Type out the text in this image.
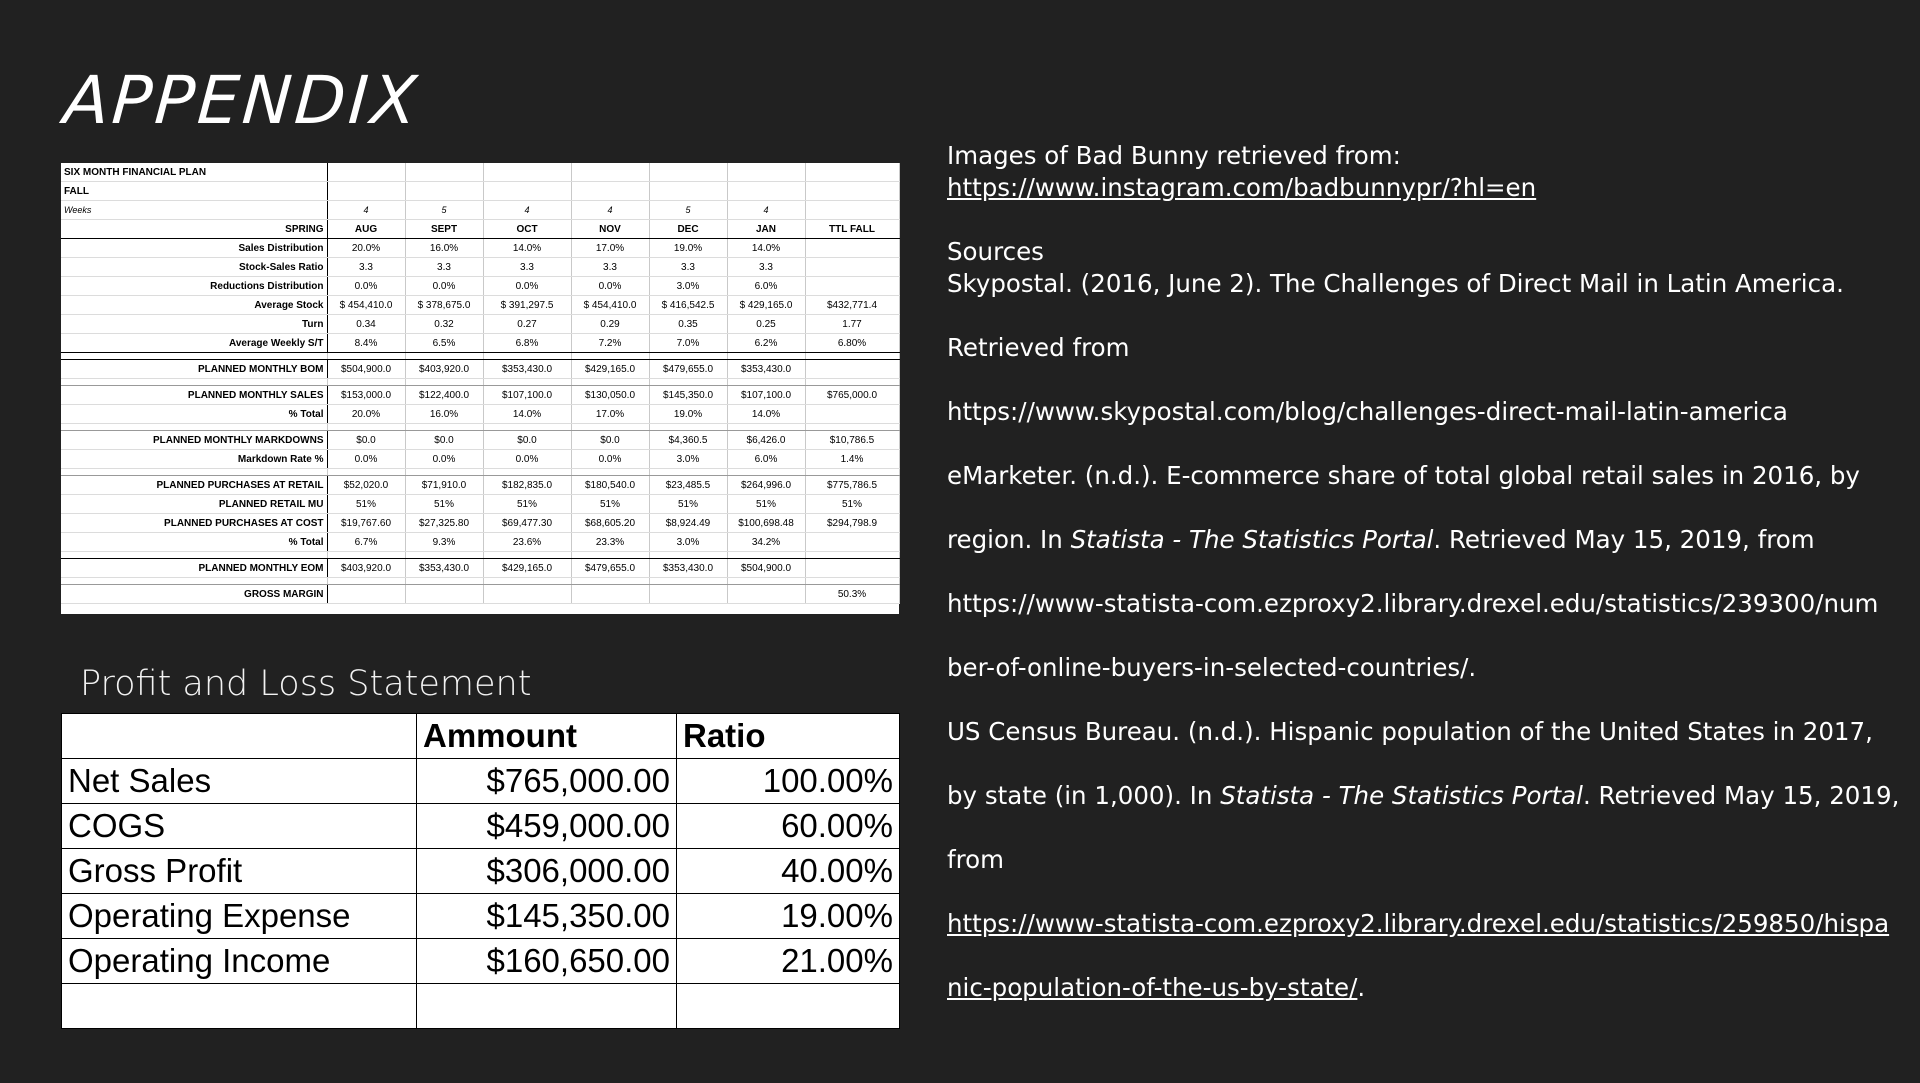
APPENDIX
SIX MONTH FINANCIAL PLAN							
FALL							
Weeks	4	5	4	4	5	4	
SPRING	AUG	SEPT	OCT	NOV	DEC	JAN	TTL FALL
Sales Distribution	20.0%	16.0%	14.0%	17.0%	19.0%	14.0%	
Stock-Sales Ratio	3.3	3.3	3.3	3.3	3.3	3.3	
Reductions Distribution	0.0%	0.0%	0.0%	0.0%	3.0%	6.0%	
Average Stock	$ 454,410.0	$ 378,675.0	$ 391,297.5	$ 454,410.0	$ 416,542.5	$ 429,165.0	$432,771.4
Turn	0.34	0.32	0.27	0.29	0.35	0.25	1.77
Average Weekly S/T	8.4%	6.5%	6.8%	7.2%	7.0%	6.2%	6.80%

PLANNED MONTHLY BOM	$504,900.0	$403,920.0	$353,430.0	$429,165.0	$479,655.0	$353,430.0	

PLANNED MONTHLY SALES	$153,000.0	$122,400.0	$107,100.0	$130,050.0	$145,350.0	$107,100.0	$765,000.0
% Total	20.0%	16.0%	14.0%	17.0%	19.0%	14.0%	

PLANNED MONTHLY MARKDOWNS	$0.0	$0.0	$0.0	$0.0	$4,360.5	$6,426.0	$10,786.5
Markdown Rate %	0.0%	0.0%	0.0%	0.0%	3.0%	6.0%	1.4%

PLANNED PURCHASES AT RETAIL	$52,020.0	$71,910.0	$182,835.0	$180,540.0	$23,485.5	$264,996.0	$775,786.5
PLANNED RETAIL MU	51%	51%	51%	51%	51%	51%	51%
PLANNED PURCHASES AT COST	$19,767.60	$27,325.80	$69,477.30	$68,605.20	$8,924.49	$100,698.48	$294,798.9
% Total	6.7%	9.3%	23.6%	23.3%	3.0%	34.2%	

PLANNED MONTHLY EOM	$403,920.0	$353,430.0	$429,165.0	$479,655.0	$353,430.0	$504,900.0	

GROSS MARGIN							50.3%
Profit and Loss Statement
	Ammount	Ratio
Net Sales	$765,000.00	100.00%
COGS	$459,000.00	60.00%
Gross Profit	$306,000.00	40.00%
Operating Expense	$145,350.00	19.00%
Operating Income	$160,650.00	21.00%

Images of Bad Bunny retrieved from:
https://www.instagram.com/badbunnypr/?hl=en
Sources
Skypostal. (2016, June 2). The Challenges of Direct Mail in Latin America.
Retrieved from
https://www.skypostal.com/blog/challenges-direct-mail-latin-america
eMarketer. (n.d.). E-commerce share of total global retail sales in 2016, by
region. In Statista - The Statistics Portal. Retrieved May 15, 2019, from
https://www-statista-com.ezproxy2.library.drexel.edu/statistics/239300/num
ber-of-online-buyers-in-selected-countries/.
US Census Bureau. (n.d.). Hispanic population of the United States in 2017,
by state (in 1,000). In Statista - The Statistics Portal. Retrieved May 15, 2019,
from
https://www-statista-com.ezproxy2.library.drexel.edu/statistics/259850/hispa
nic-population-of-the-us-by-state/.
